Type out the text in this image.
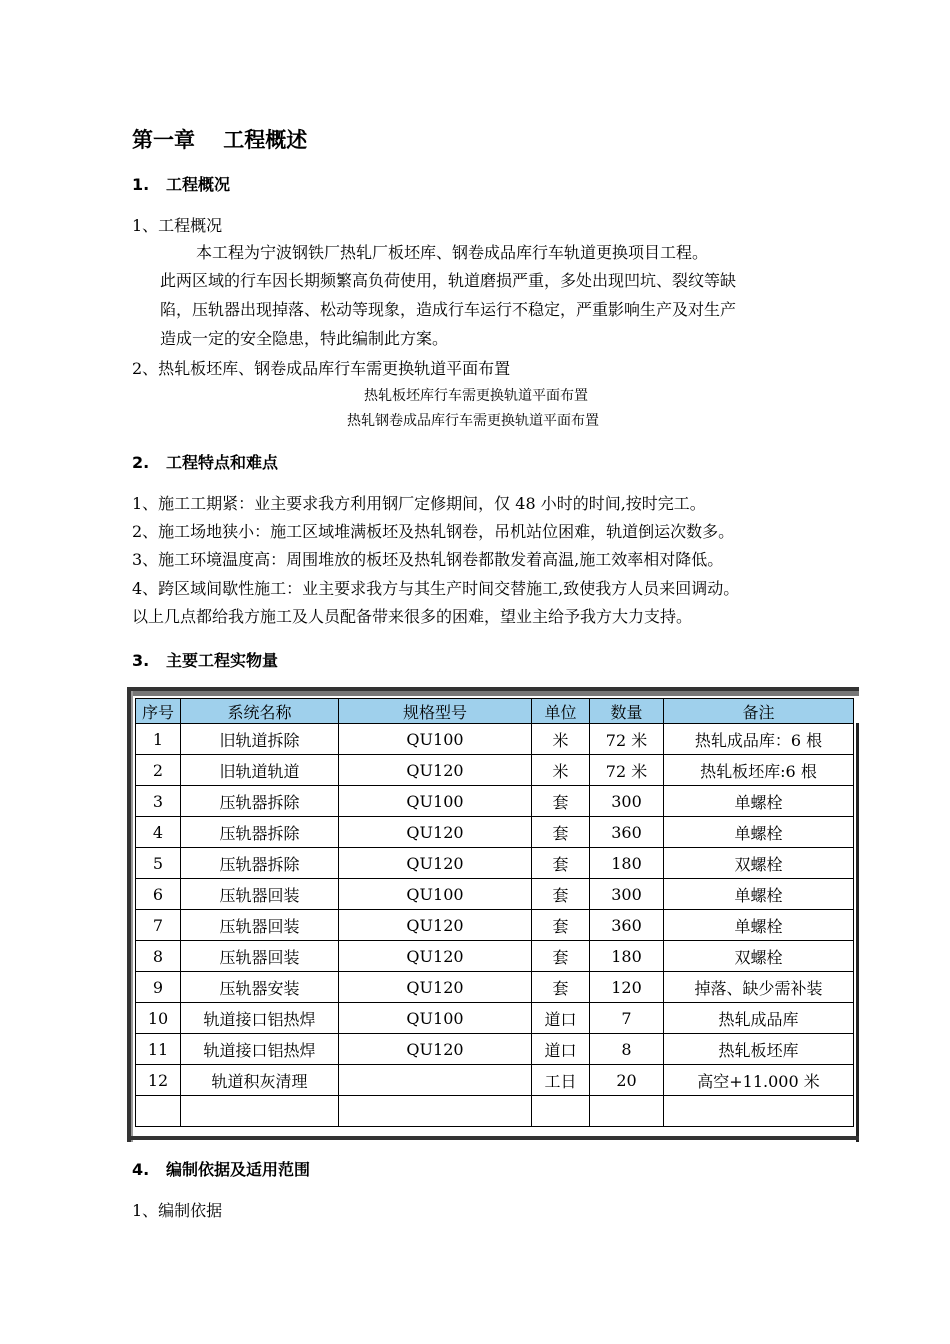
第一章　 工程概述
1. 工程概况
1、工程概况
本工程为宁波钢铁厂热轧厂板坯库、钢卷成品库行车轨道更换项目工程。
此两区域的行车因长期频繁高负荷使用，轨道磨损严重，多处出现凹坑、裂纹等缺
陷，压轨器出现掉落、松动等现象，造成行车运行不稳定，严重影响生产及对生产
造成一定的安全隐患，特此编制此方案。
2、热轧板坯库、钢卷成品库行车需更换轨道平面布置
热轧板坯库行车需更换轨道平面布置
热轧钢卷成品库行车需更换轨道平面布置
2. 工程特点和难点
1、施工工期紧：业主要求我方利用钢厂定修期间，仅 48 小时的时间,按时完工。
2、施工场地狭小：施工区域堆满板坯及热轧钢卷，吊机站位困难，轨道倒运次数多。
3、施工环境温度高：周围堆放的板坯及热轧钢卷都散发着高温,施工效率相对降低。
4、跨区域间歇性施工：业主要求我方与其生产时间交替施工,致使我方人员来回调动。
以上几点都给我方施工及人员配备带来很多的困难，望业主给予我方大力支持。
3. 主要工程实物量
序号	系统名称	规格型号	单位	数量	备注
1	旧轨道拆除	QU100	米	72 米	热轧成品库：6 根
2	旧轨道轨道	QU120	米	72 米	热轧板坯库:6 根
3	压轨器拆除	QU100	套	300	单螺栓
4	压轨器拆除	QU120	套	360	单螺栓
5	压轨器拆除	QU120	套	180	双螺栓
6	压轨器回装	QU100	套	300	单螺栓
7	压轨器回装	QU120	套	360	单螺栓
8	压轨器回装	QU120	套	180	双螺栓
9	压轨器安装	QU120	套	120	掉落、缺少需补装
10	轨道接口铝热焊	QU100	道口	7	热轧成品库
11	轨道接口铝热焊	QU120	道口	8	热轧板坯库
12	轨道积灰清理		工日	20	高空+11.000 米

4. 编制依据及适用范围
1、编制依据
